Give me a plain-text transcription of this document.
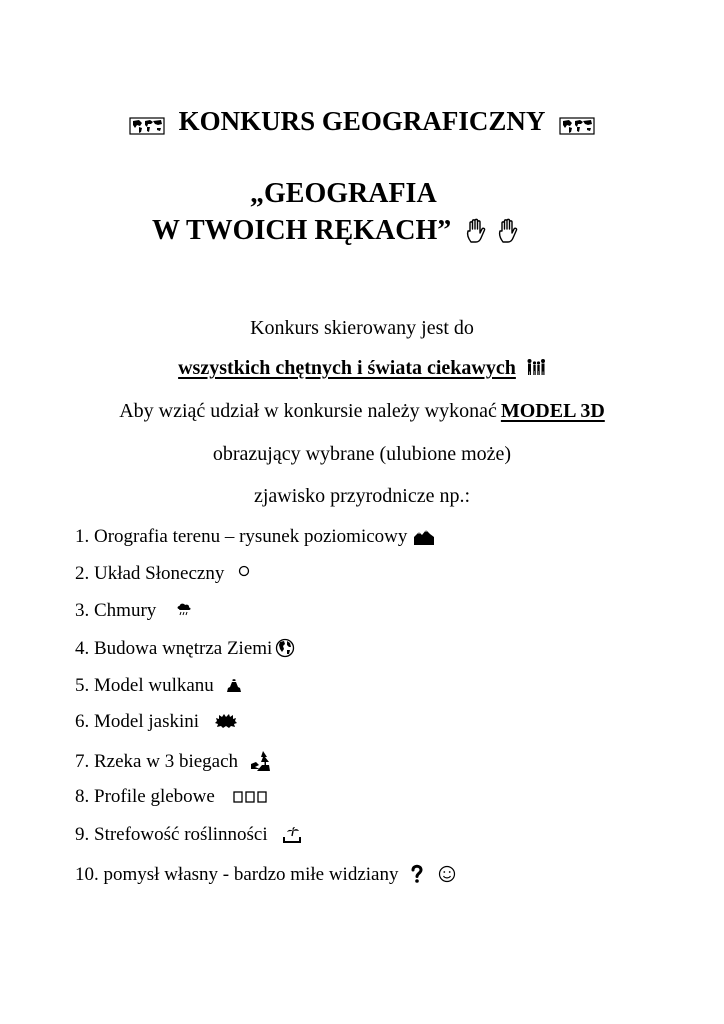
KONKURS GEOGRAFICZNY
„GEOGRAFIA
W TWOICH RĘKACH”
Konkurs skierowany jest do
wszystkich chętnych i świata ciekawych
Aby wziąć udział w konkursie należy wykonać MODEL 3D
obrazujący wybrane (ulubione może)
zjawisko przyrodnicze np.:
1.
Orografia terenu – rysunek poziomicowy
2.
Układ Słoneczny
3.
Chmury
4.
Budowa wnętrza Ziemi
5.
Model wulkanu
6.
Model jaskini
7.
Rzeka w 3 biegach
8.
Profile glebowe
9.
Strefowość roślinności
10.
pomysł własny - bardzo miłe widziany
